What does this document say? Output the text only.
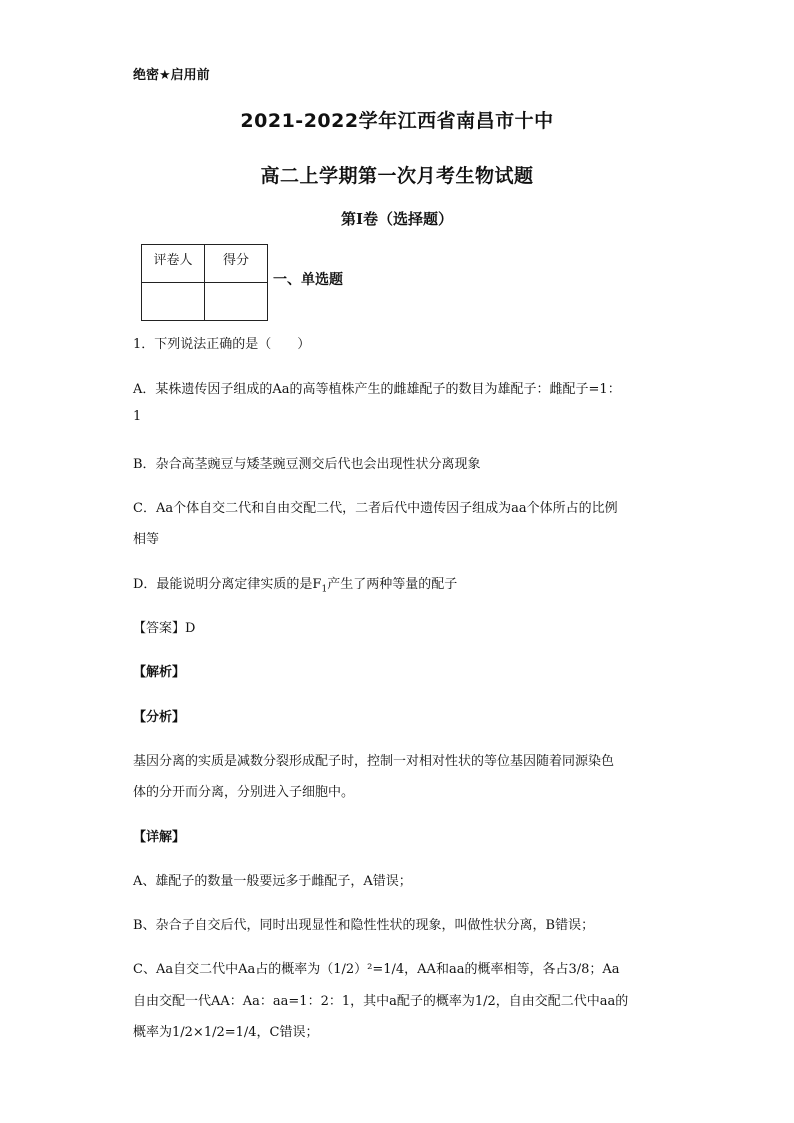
绝密★启用前
2021-2022学年江西省南昌市十中
高二上学期第一次月考生物试题
第I卷（选择题）
评卷人	得分

一、单选题
1．下列说法正确的是（　　）
A．某株遗传因子组成的Aa的高等植株产生的雌雄配子的数目为雄配子：雌配子=1：
1
B．杂合高茎豌豆与矮茎豌豆测交后代也会出现性状分离现象
C．Aa个体自交二代和自由交配二代，二者后代中遗传因子组成为aa个体所占的比例
相等
D．最能说明分离定律实质的是$F_1$产生了两种等量的配子
【答案】D
【解析】
【分析】
基因分离的实质是减数分裂形成配子时，控制一对相对性状的等位基因随着同源染色
体的分开而分离，分别进入子细胞中。
【详解】
A、雄配子的数量一般要远多于雌配子，A错误；
B、杂合子自交后代，同时出现显性和隐性性状的现象，叫做性状分离，B错误；
C、Aa自交二代中Aa占的概率为（1/2）²=1/4，AA和aa的概率相等，各占3/8；Aa
自由交配一代AA：Aa：aa=1：2：1，其中a配子的概率为1/2，自由交配二代中aa的
概率为1/2×1/2=1/4，C错误；
